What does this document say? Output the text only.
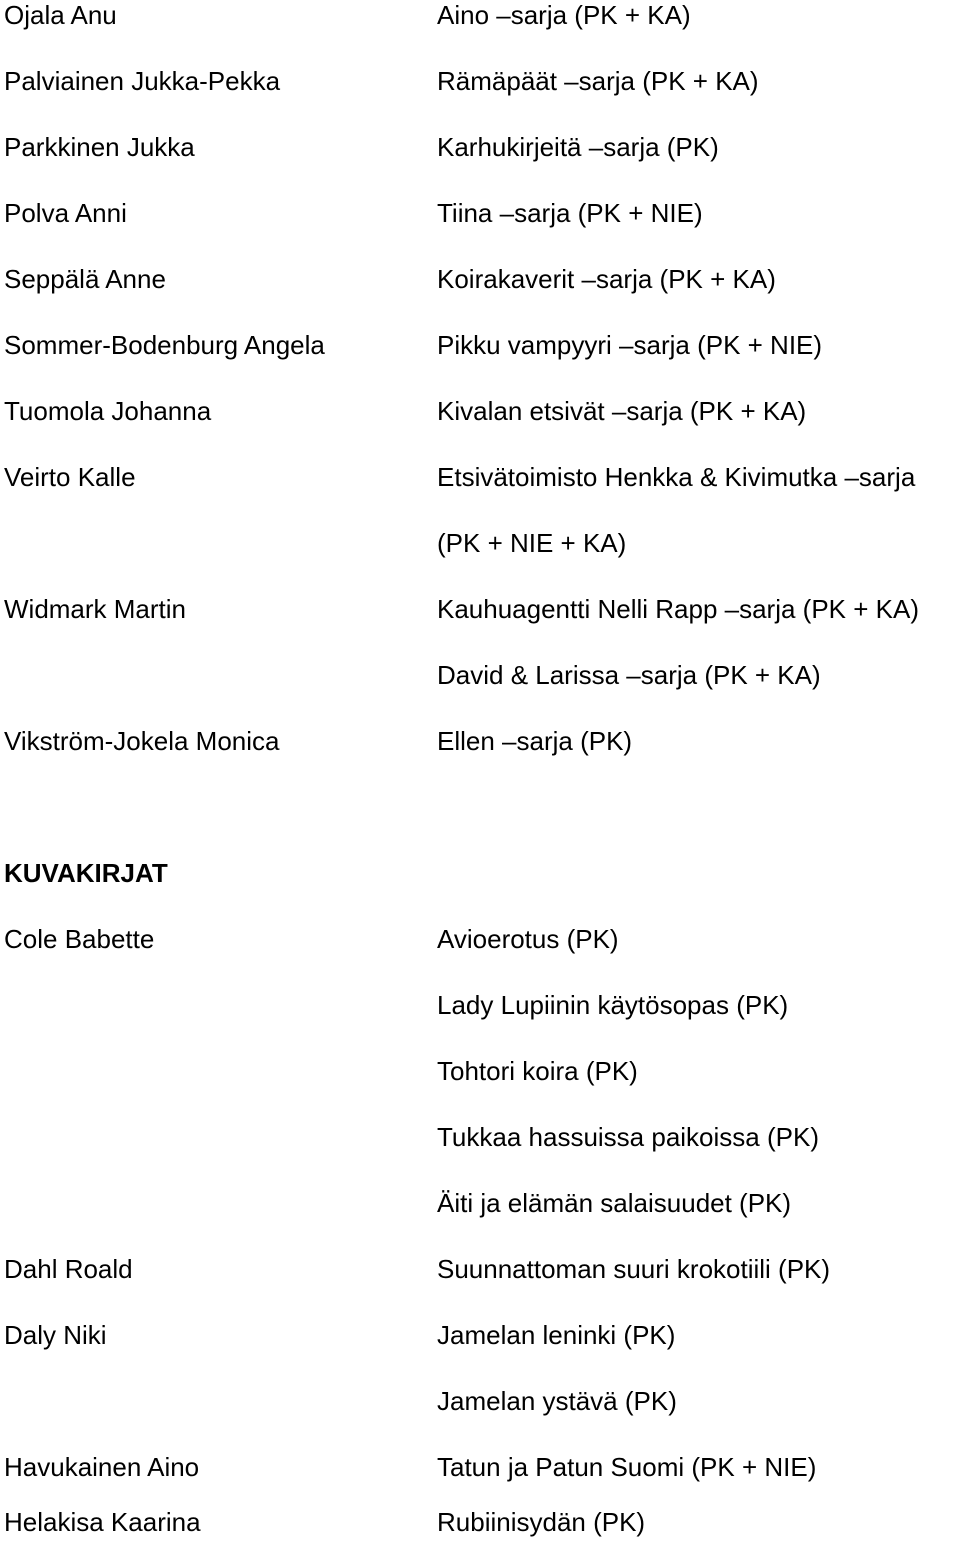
Ojala Anu	Aino –sarja (PK + KA)
Palviainen Jukka-Pekka	Rämäpäät –sarja (PK + KA)
Parkkinen Jukka	Karhukirjeitä –sarja (PK)
Polva Anni	Tiina –sarja (PK + NIE)
Seppälä Anne	Koirakaverit –sarja (PK + KA)
Sommer-Bodenburg Angela	Pikku vampyyri –sarja (PK + NIE)
Tuomola Johanna	Kivalan etsivät –sarja (PK + KA)
Veirto Kalle	Etsivätoimisto Henkka & Kivimutka –sarja
(PK + NIE + KA)
Widmark Martin	Kauhuagentti Nelli Rapp –sarja (PK + KA)
David & Larissa –sarja (PK + KA)
Vikström-Jokela Monica	Ellen –sarja (PK)
KUVAKIRJAT
Cole Babette	Avioerotus (PK)
Lady Lupiinin käytösopas (PK)
Tohtori koira (PK)
Tukkaa hassuissa paikoissa (PK)
Äiti ja elämän salaisuudet (PK)
Dahl Roald	Suunnattoman suuri krokotiili (PK)
Daly Niki	Jamelan leninki (PK)
Jamelan ystävä (PK)
Havukainen Aino	Tatun ja Patun Suomi (PK + NIE)
Helakisa Kaarina	Rubiinisydän (PK)
